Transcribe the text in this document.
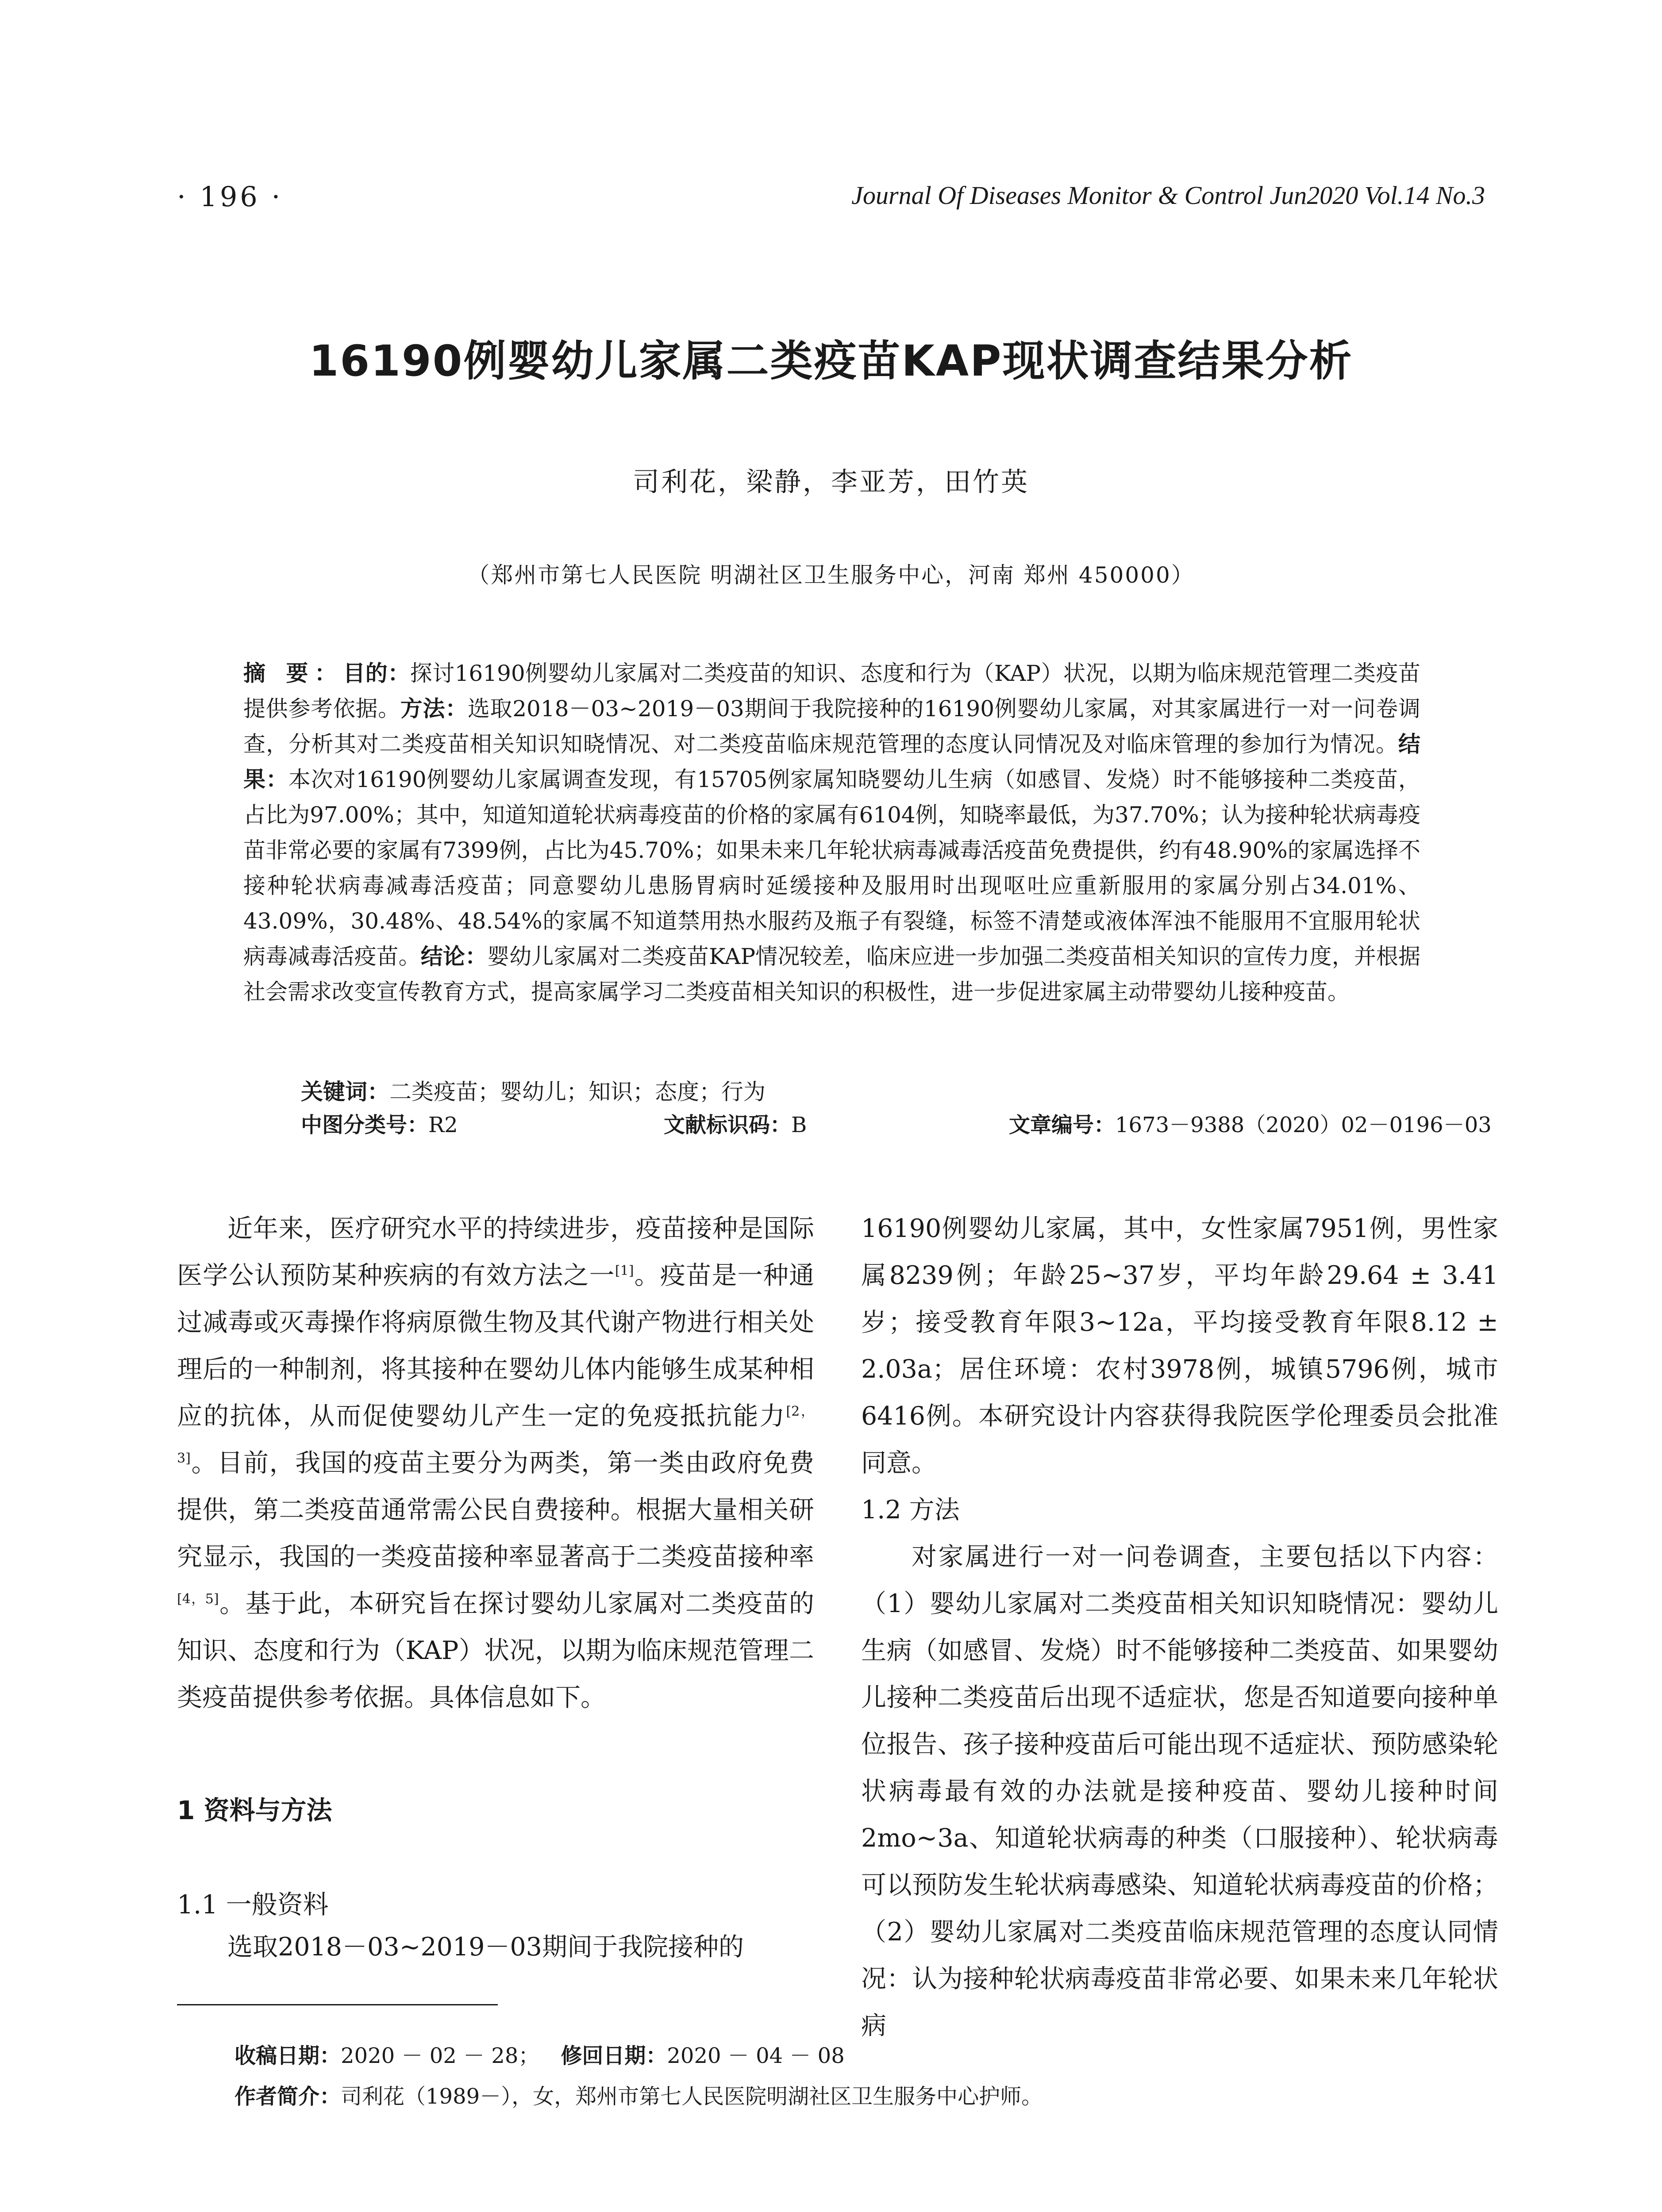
· 196 ·	Journal Of Diseases Monitor & Control Jun2020 Vol.14 No.3
16190例婴幼儿家属二类疫苗KAP现状调查结果分析
司利花，梁静，李亚芳，田竹英
（郑州市第七人民医院 明湖社区卫生服务中心，河南 郑州 450000）
摘 要：目的：探讨16190例婴幼儿家属对二类疫苗的知识、态度和行为（KAP）状况，以期为临床规范管理二类疫苗提供参考依据。方法：选取2018－03~2019－03期间于我院接种的16190例婴幼儿家属，对其家属进行一对一问卷调查，分析其对二类疫苗相关知识知晓情况、对二类疫苗临床规范管理的态度认同情况及对临床管理的参加行为情况。结果：本次对16190例婴幼儿家属调查发现，有15705例家属知晓婴幼儿生病（如感冒、发烧）时不能够接种二类疫苗，占比为97.00%；其中，知道知道轮状病毒疫苗的价格的家属有6104例，知晓率最低，为37.70%；认为接种轮状病毒疫苗非常必要的家属有7399例，占比为45.70%；如果未来几年轮状病毒减毒活疫苗免费提供，约有48.90%的家属选择不接种轮状病毒减毒活疫苗；同意婴幼儿患肠胃病时延缓接种及服用时出现呕吐应重新服用的家属分别占34.01%、43.09%，30.48%、48.54%的家属不知道禁用热水服药及瓶子有裂缝，标签不清楚或液体浑浊不能服用不宜服用轮状病毒减毒活疫苗。结论：婴幼儿家属对二类疫苗KAP情况较差，临床应进一步加强二类疫苗相关知识的宣传力度，并根据社会需求改变宣传教育方式，提高家属学习二类疫苗相关知识的积极性，进一步促进家属主动带婴幼儿接种疫苗。
关键词：二类疫苗；婴幼儿；知识；态度；行为
中图分类号：R2	文献标识码：B	文章编号：1673－9388（2020）02－0196－03
近年来，医疗研究水平的持续进步，疫苗接种是国际医学公认预防某种疾病的有效方法之一[1]。疫苗是一种通过减毒或灭毒操作将病原微生物及其代谢产物进行相关处理后的一种制剂，将其接种在婴幼儿体内能够生成某种相应的抗体，从而促使婴幼儿产生一定的免疫抵抗能力[2，3]。目前，我国的疫苗主要分为两类，第一类由政府免费提供，第二类疫苗通常需公民自费接种。根据大量相关研究显示，我国的一类疫苗接种率显著高于二类疫苗接种率[4，5]。基于此，本研究旨在探讨婴幼儿家属对二类疫苗的知识、态度和行为（KAP）状况，以期为临床规范管理二类疫苗提供参考依据。具体信息如下。
1 资料与方法
1.1 一般资料
选取2018－03~2019－03期间于我院接种的
16190例婴幼儿家属，其中，女性家属7951例，男性家属8239例；年龄25~37岁，平均年龄29.64 ± 3.41岁；接受教育年限3~12a，平均接受教育年限8.12 ± 2.03a；居住环境：农村3978例，城镇5796例，城市6416例。本研究设计内容获得我院医学伦理委员会批准同意。
1.2 方法
对家属进行一对一问卷调查，主要包括以下内容：（1）婴幼儿家属对二类疫苗相关知识知晓情况：婴幼儿生病（如感冒、发烧）时不能够接种二类疫苗、如果婴幼儿接种二类疫苗后出现不适症状，您是否知道要向接种单位报告、孩子接种疫苗后可能出现不适症状、预防感染轮状病毒最有效的办法就是接种疫苗、婴幼儿接种时间2mo~3a、知道轮状病毒的种类（口服接种）、轮状病毒可以预防发生轮状病毒感染、知道轮状病毒疫苗的价格；（2）婴幼儿家属对二类疫苗临床规范管理的态度认同情况：认为接种轮状病毒疫苗非常必要、如果未来几年轮状病
收稿日期：2020 － 02 － 28；  修回日期：2020 － 04 － 08
作者简介：司利花（1989－），女，郑州市第七人民医院明湖社区卫生服务中心护师。
